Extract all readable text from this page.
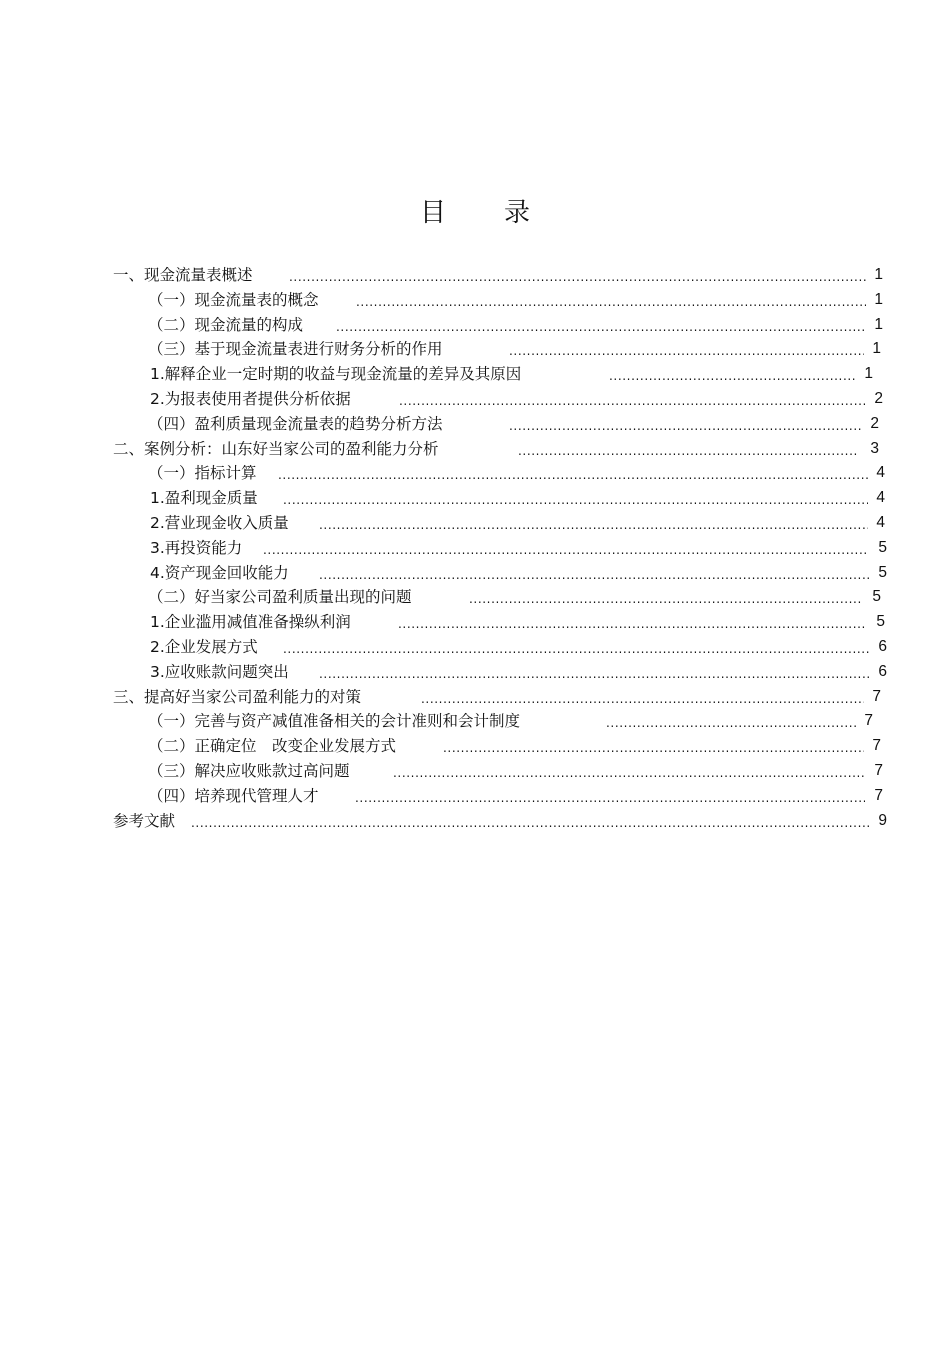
目录
一、现金流量表概述 .....	1
（一）现金流量表的概念 .....	1
（二）现金流量的构成 .....	1
（三）基于现金流量表进行财务分析的作用 .....	1
1.解释企业一定时期的收益与现金流量的差异及其原因 .....	1
2.为报表使用者提供分析依据 .....	2
（四）盈利质量现金流量表的趋势分析方法 .....	2
二、案例分析：山东好当家公司的盈利能力分析 .....	3
（一）指标计算 .....	4
1.盈利现金质量 .....	4
2.营业现金收入质量 .....	4
3.再投资能力 .....	5
4.资产现金回收能力 .....	5
（二）好当家公司盈利质量出现的问题 .....	5
1.企业滥用减值准备操纵利润 .....	5
2.企业发展方式 .....	6
3.应收账款问题突出 .....	6
三、提高好当家公司盈利能力的对策 .....	7
（一）完善与资产减值准备相关的会计准则和会计制度 .....	7
（二）正确定位　改变企业发展方式 .....	7
（三）解决应收账款过高问题 .....	7
（四）培养现代管理人才 .....	7
参考文献 .....	9
